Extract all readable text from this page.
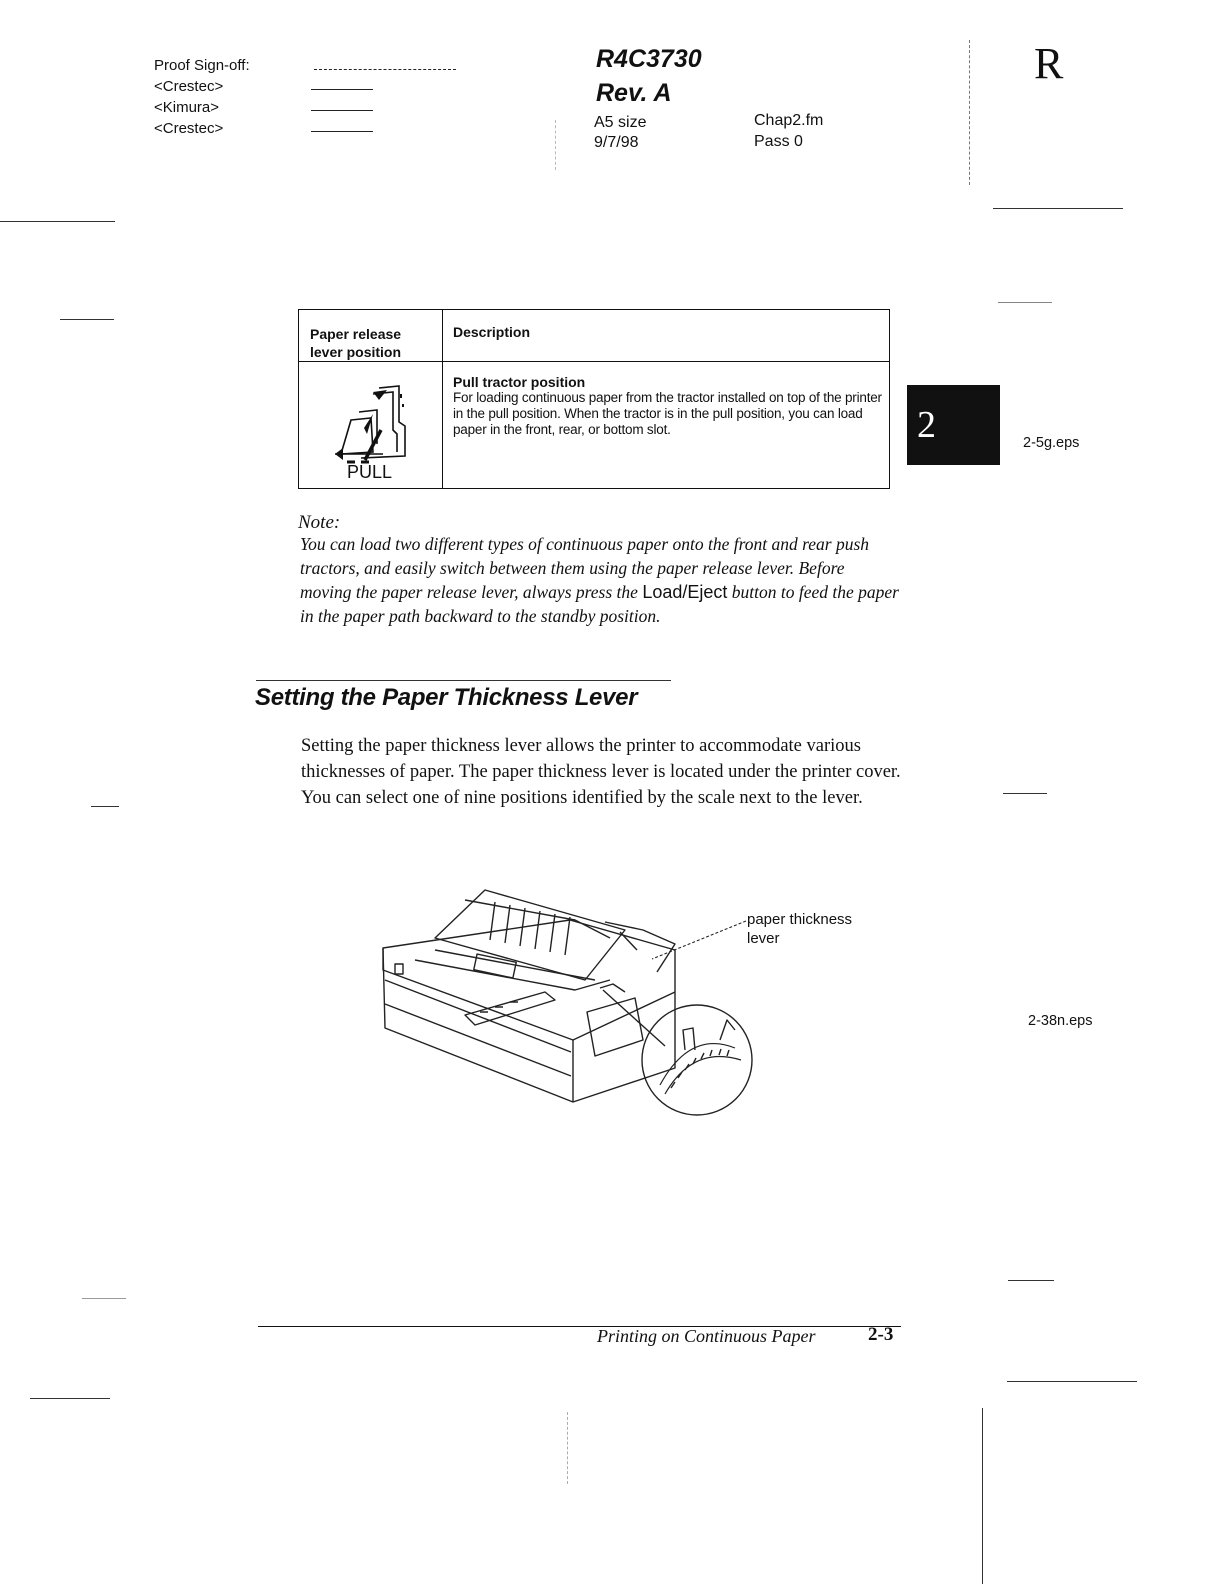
Proof Sign-off:
<Crestec>
<Kimura>
<Crestec>
R4C3730
Rev. A
A5 size
9/7/98
Chap2.fm
Pass 0
R
Paper release lever position
Description
PULL
Pull tractor position
For loading continuous paper from the tractor installed on top of the printer in the pull position. When the tractor is in the pull position, you can load paper in the front, rear, or bottom slot.
Note:
You can load two different types of continuous paper onto the front and rear push tractors, and easily switch between them using the paper release lever. Before moving the paper release lever, always press the Load/Eject button to feed the paper in the paper path backward to the standby position.
Setting the Paper Thickness Lever
Setting the paper thickness lever allows the printer to accommodate various thicknesses of paper. The paper thickness lever is located under the printer cover. You can select one of nine positions identified by the scale next to the lever.
paper thickness lever
2	2-5g.eps
2-38n.eps
Printing on Continuous Paper	2-3
